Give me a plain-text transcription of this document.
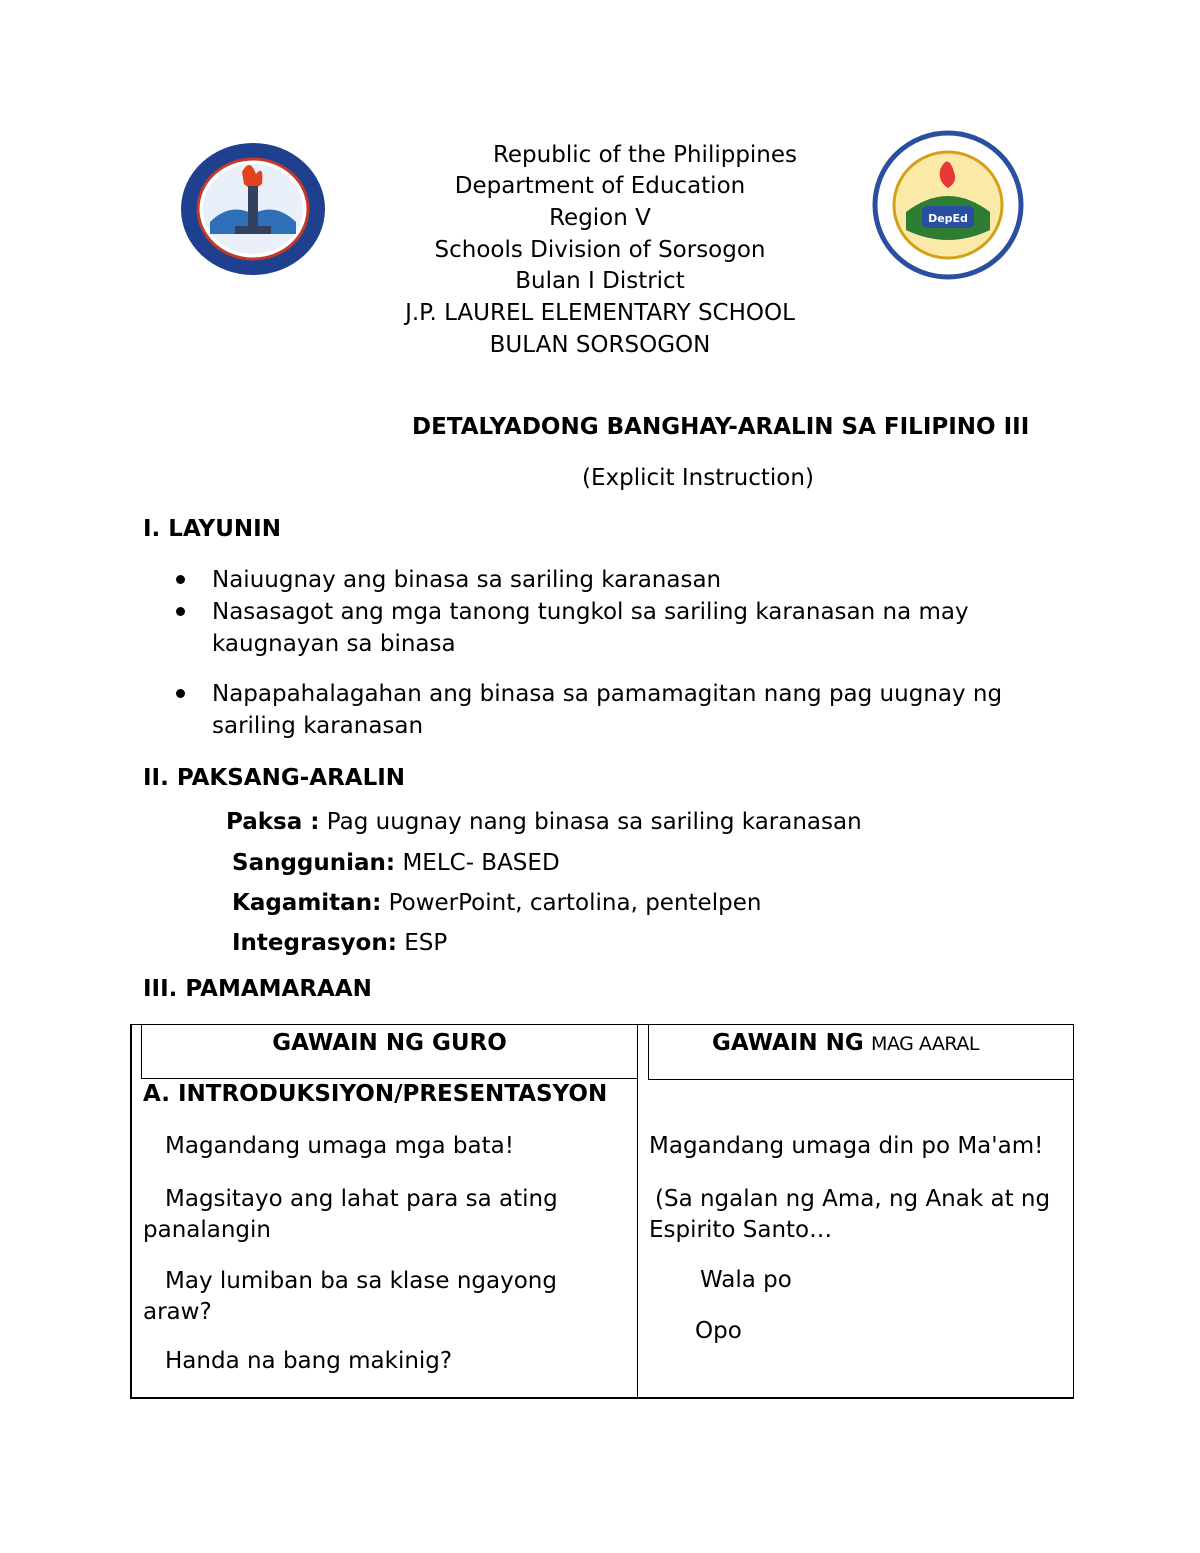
DepEd
Republic of the Philippines
Department of Education
Region V
Schools Division of Sorsogon
Bulan I District
J.P. LAUREL ELEMENTARY SCHOOL
BULAN SORSOGON
DETALYADONG BANGHAY-ARALIN SA FILIPINO III
(Explicit Instruction)
I. LAYUNIN
Naiuugnay ang binasa sa sariling karanasan
Nasasagot ang mga tanong tungkol sa sariling karanasan na may kaugnayan sa binasa
Napapahalagahan ang binasa sa pamamagitan nang pag uugnay ng sariling karanasan
II. PAKSANG-ARALIN
Paksa : Pag uugnay nang binasa sa sariling karanasan
Sanggunian: MELC- BASED
Kagamitan: PowerPoint, cartolina, pentelpen
Integrasyon: ESP
III. PAMAMARAAN
GAWAIN NG GURO	GAWAIN NG MAG AARAL
A. INTRODUKSIYON/PRESENTASYON
Magandang umaga mga bata!
Magsitayo ang lahat para sa ating panalangin
May lumiban ba sa klase ngayong araw?
Handa na bang makinig?
Magandang umaga din po Ma'am!
(Sa ngalan ng Ama, ng Anak at ng Espirito Santo…
Wala po
Opo
